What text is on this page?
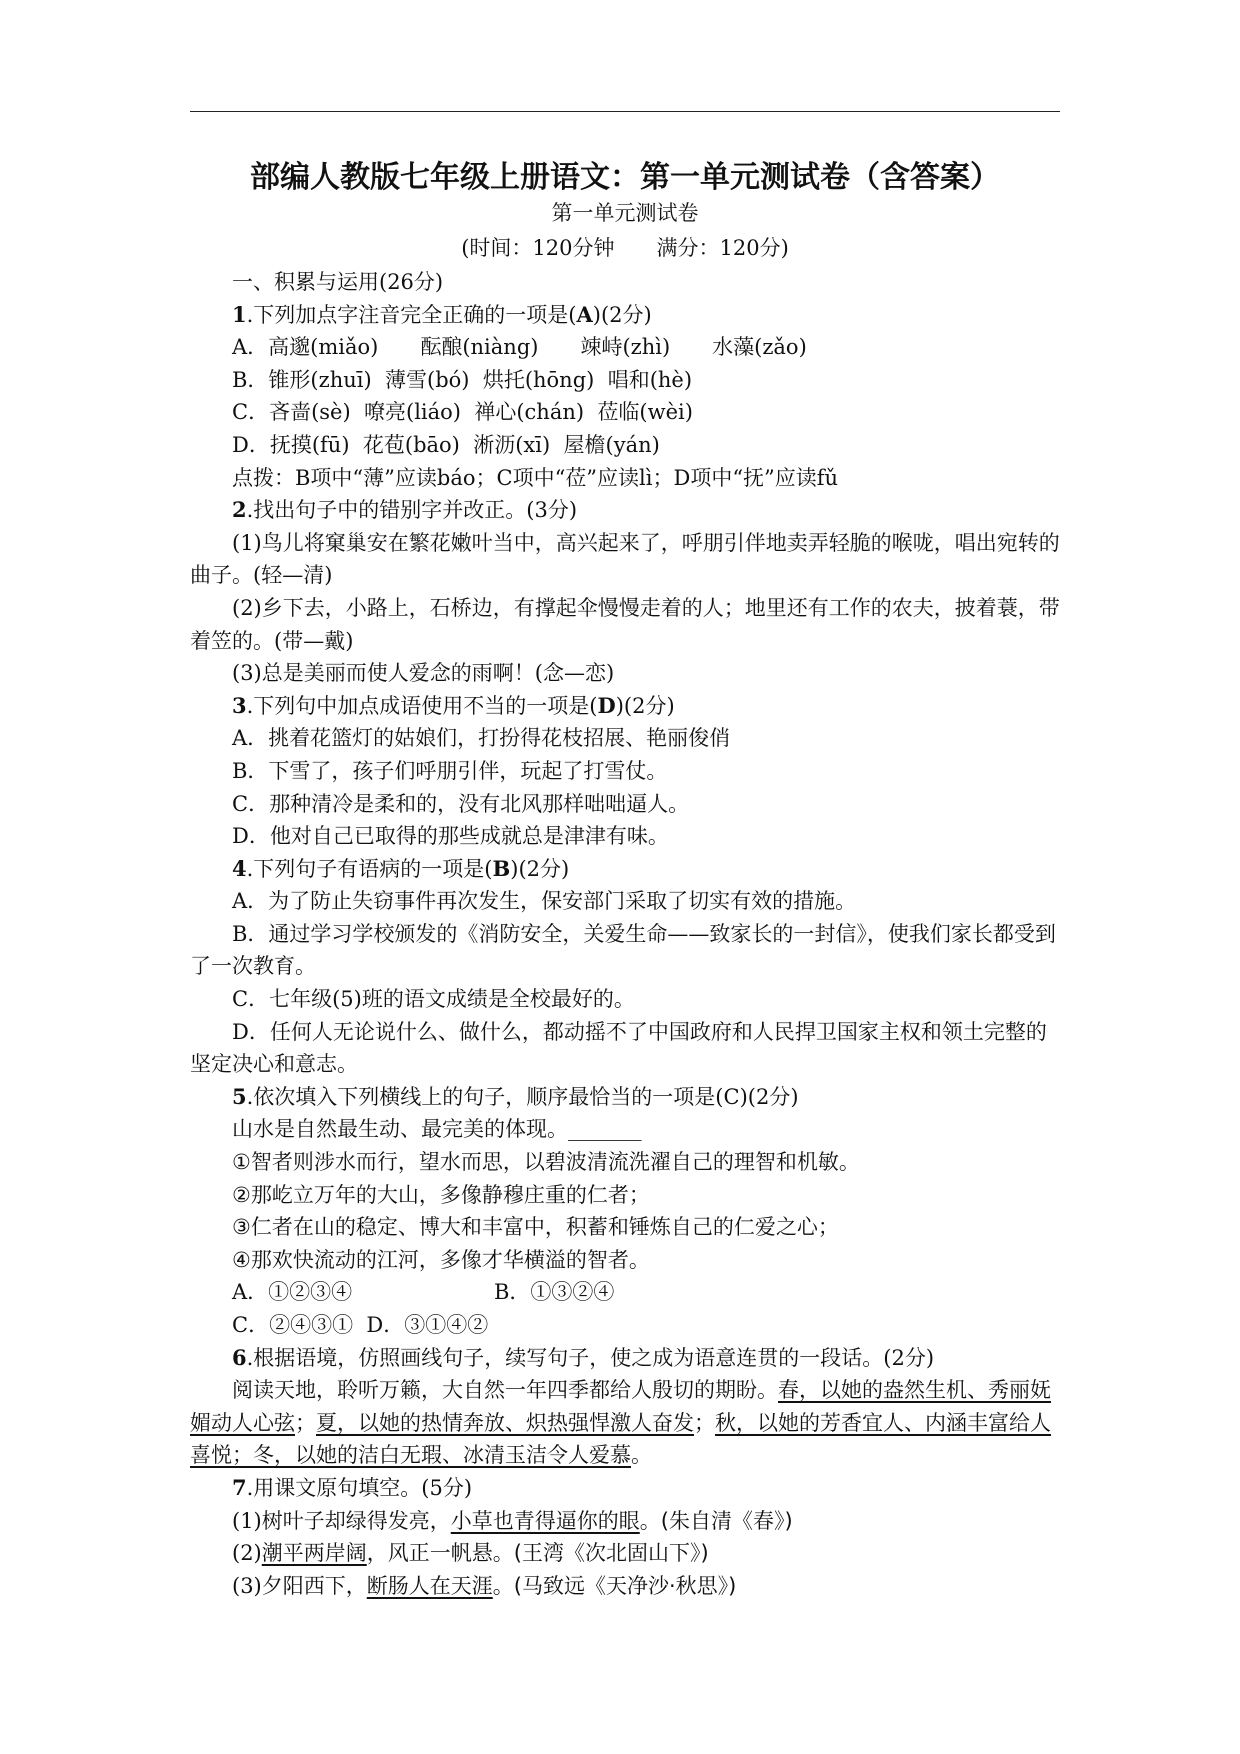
部编人教版七年级上册语文：第一单元测试卷（含答案）
第一单元测试卷
(时间：120分钟　　满分：120分)

一、积累与运用(26分)

1.下列加点字注音完全正确的一项是(A)(2分)

A．高邈(miǎo)　　酝酿(niàng)　　竦峙(zhì)　　水藻(zǎo)

B．锥形(zhuī)  薄雪(bó)  烘托(hōng)  唱和(hè)

C．吝啬(sè)  嘹亮(liáo)  禅心(chán)  莅临(wèi)

D．抚摸(fū)  花苞(bāo)  淅沥(xī)  屋檐(yán)

点拨：B项中“薄”应读báo；C项中“莅”应读lì；D项中“抚”应读fǔ

2.找出句子中的错别字并改正。(3分)

(1)鸟儿将窠巢安在繁花嫩叶当中，高兴起来了，呼朋引伴地卖弄轻脆的喉咙，唱出宛转的曲子。(轻—清)

(2)乡下去，小路上，石桥边，有撑起伞慢慢走着的人；地里还有工作的农夫，披着蓑，带着笠的。(带—戴)

(3)总是美丽而使人爱念的雨啊！(念—恋)

3.下列句中加点成语使用不当的一项是(D)(2分)

A．挑着花篮灯的姑娘们，打扮得花枝招展、艳丽俊俏

B．下雪了，孩子们呼朋引伴，玩起了打雪仗。

C．那种清冷是柔和的，没有北风那样咄咄逼人。

D．他对自己已取得的那些成就总是津津有味。

4.下列句子有语病的一项是(B)(2分)

A．为了防止失窃事件再次发生，保安部门采取了切实有效的措施。

B．通过学习学校颁发的《消防安全，关爱生命——致家长的一封信》，使我们家长都受到了一次教育。

C．七年级(5)班的语文成绩是全校最好的。

D．任何人无论说什么、做什么，都动摇不了中国政府和人民捍卫国家主权和领土完整的坚定决心和意志。

5.依次填入下列横线上的句子，顺序最恰当的一项是(C)(2分)

山水是自然最生动、最完美的体现。_______

①智者则涉水而行，望水而思，以碧波清流洗濯自己的理智和机敏。

②那屹立万年的大山，多像静穆庄重的仁者；

③仁者在山的稳定、博大和丰富中，积蓄和锤炼自己的仁爱之心；

④那欢快流动的江河，多像才华横溢的智者。

A．①②③④	B．①③②④

C．②④③①  D．③①④②

6.根据语境，仿照画线句子，续写句子，使之成为语意连贯的一段话。(2分)

阅读天地，聆听万籁，大自然一年四季都给人殷切的期盼。春，以她的盎然生机、秀丽妩媚动人心弦；夏，以她的热情奔放、炽热强悍激人奋发；秋，以她的芳香宜人、内涵丰富给人喜悦；冬，以她的洁白无瑕、冰清玉洁令人爱慕。

7.用课文原句填空。(5分)

(1)树叶子却绿得发亮，小草也青得逼你的眼。(朱自清《春》)

(2)潮平两岸阔，风正一帆悬。(王湾《次北固山下》)

(3)夕阳西下，断肠人在天涯。(马致远《天净沙·秋思》)
